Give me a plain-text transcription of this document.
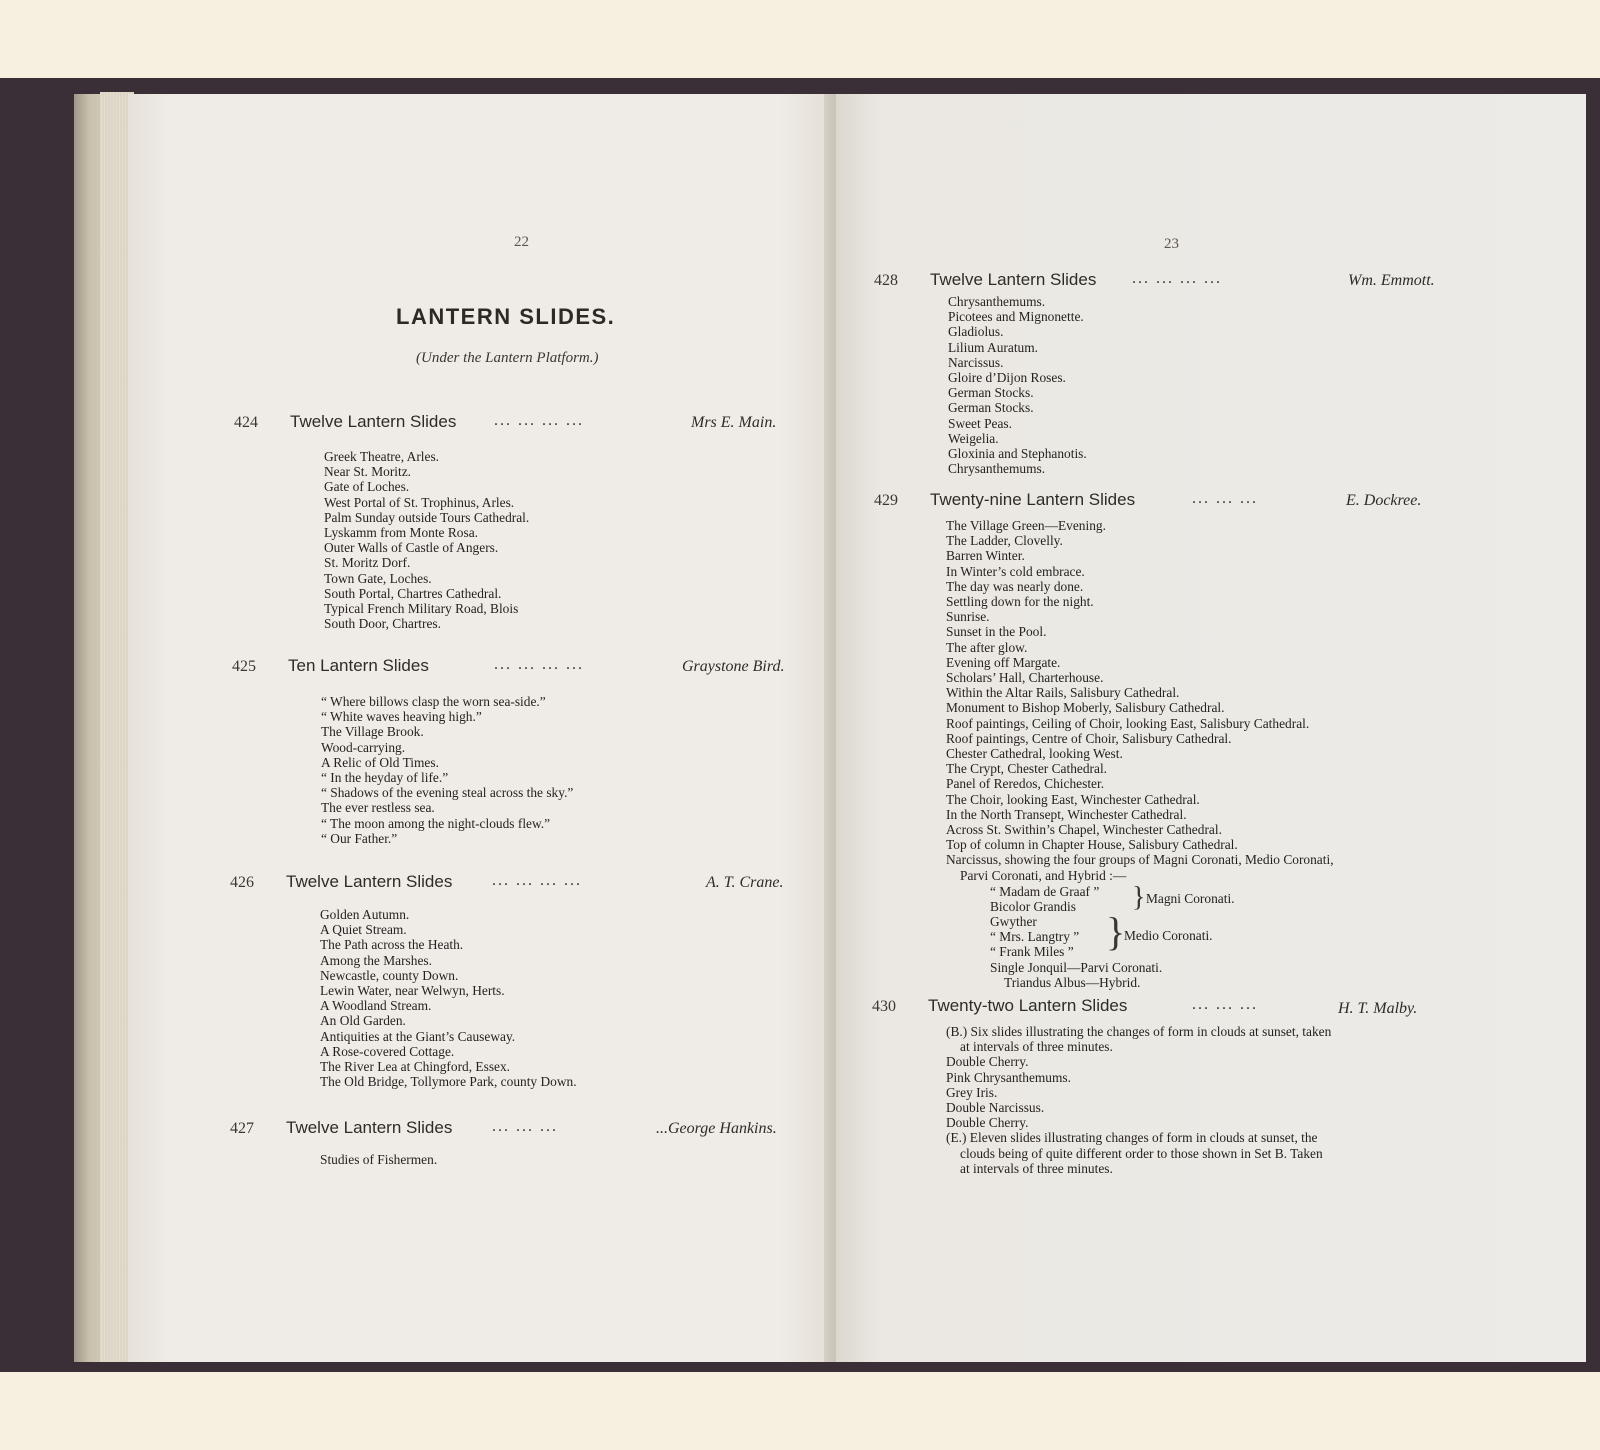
22
LANTERN SLIDES.
(Under the Lantern Platform.)
424 Twelve Lantern Slides ... ... ... ...	Mrs E. Main.
Greek Theatre, Arles.
Near St. Moritz.
Gate of Loches.
West Portal of St. Trophinus, Arles.
Palm Sunday outside Tours Cathedral.
Lyskamm from Monte Rosa.
Outer Walls of Castle of Angers.
St. Moritz Dorf.
Town Gate, Loches.
South Portal, Chartres Cathedral.
Typical French Military Road, Blois
South Door, Chartres.
425 Ten Lantern Slides	... ... ... ...	Graystone Bird.
“ Where billows clasp the worn sea-side.”
“ White waves heaving high.”
The Village Brook.
Wood-carrying.
A Relic of Old Times.
“ In the heyday of life.”
“ Shadows of the evening steal across the sky.”
The ever restless sea.
“ The moon among the night-clouds flew.”
“ Our Father.”
426 Twelve Lantern Slides ... ... ... ...	A. T. Crane.
Golden Autumn.
A Quiet Stream.
The Path across the Heath.
Among the Marshes.
Newcastle, county Down.
Lewin Water, near Welwyn, Herts.
A Woodland Stream.
An Old Garden.
Antiquities at the Giant’s Causeway.
A Rose-covered Cottage.
The River Lea at Chingford, Essex.
The Old Bridge, Tollymore Park, county Down.
427 Twelve Lantern Slides ... ... ...	...George Hankins.
Studies of Fishermen.
23
428 Twelve Lantern Slides ... ... ... ...	Wm. Emmott.
Chrysanthemums.
Picotees and Mignonette.
Gladiolus.
Lilium Auratum.
Narcissus.
Gloire d’Dijon Roses.
German Stocks.
German Stocks.
Sweet Peas.
Weigelia.
Gloxinia and Stephanotis.
Chrysanthemums.
429 Twenty-nine Lantern Slides	... ... ...	E. Dockree.
The Village Green—Evening.
The Ladder, Clovelly.
Barren Winter.
In Winter’s cold embrace.
The day was nearly done.
Settling down for the night.
Sunrise.
Sunset in the Pool.
The after glow.
Evening off Margate.
Scholars’ Hall, Charterhouse.
Within the Altar Rails, Salisbury Cathedral.
Monument to Bishop Moberly, Salisbury Cathedral.
Roof paintings, Ceiling of Choir, looking East, Salisbury Cathedral.
Roof paintings, Centre of Choir, Salisbury Cathedral.
Chester Cathedral, looking West.
The Crypt, Chester Cathedral.
Panel of Reredos, Chichester.
The Choir, looking East, Winchester Cathedral.
In the North Transept, Winchester Cathedral.
Across St. Swithin’s Chapel, Winchester Cathedral.
Top of column in Chapter House, Salisbury Cathedral.
Narcissus, showing the four groups of Magni Coronati, Medio Coronati,
Parvi Coronati, and Hybrid :—
“ Madam de Graaf ”
Bicolor Grandis	} Magni Coronati.
Gwyther
“ Mrs. Langtry ”
“ Frank Miles ” }
Medio Coronati.
Single Jonquil—Parvi Coronati.
Triandus Albus—Hybrid.
430 Twenty-two Lantern Slides	... ... ...	H. T. Malby.
(B.) Six slides illustrating the changes of form in clouds at sunset, taken
at intervals of three minutes.
Double Cherry.
Pink Chrysanthemums.
Grey Iris.
Double Narcissus.
Double Cherry.
(E.) Eleven slides illustrating changes of form in clouds at sunset, the
clouds being of quite different order to those shown in Set B. Taken
at intervals of three minutes.
